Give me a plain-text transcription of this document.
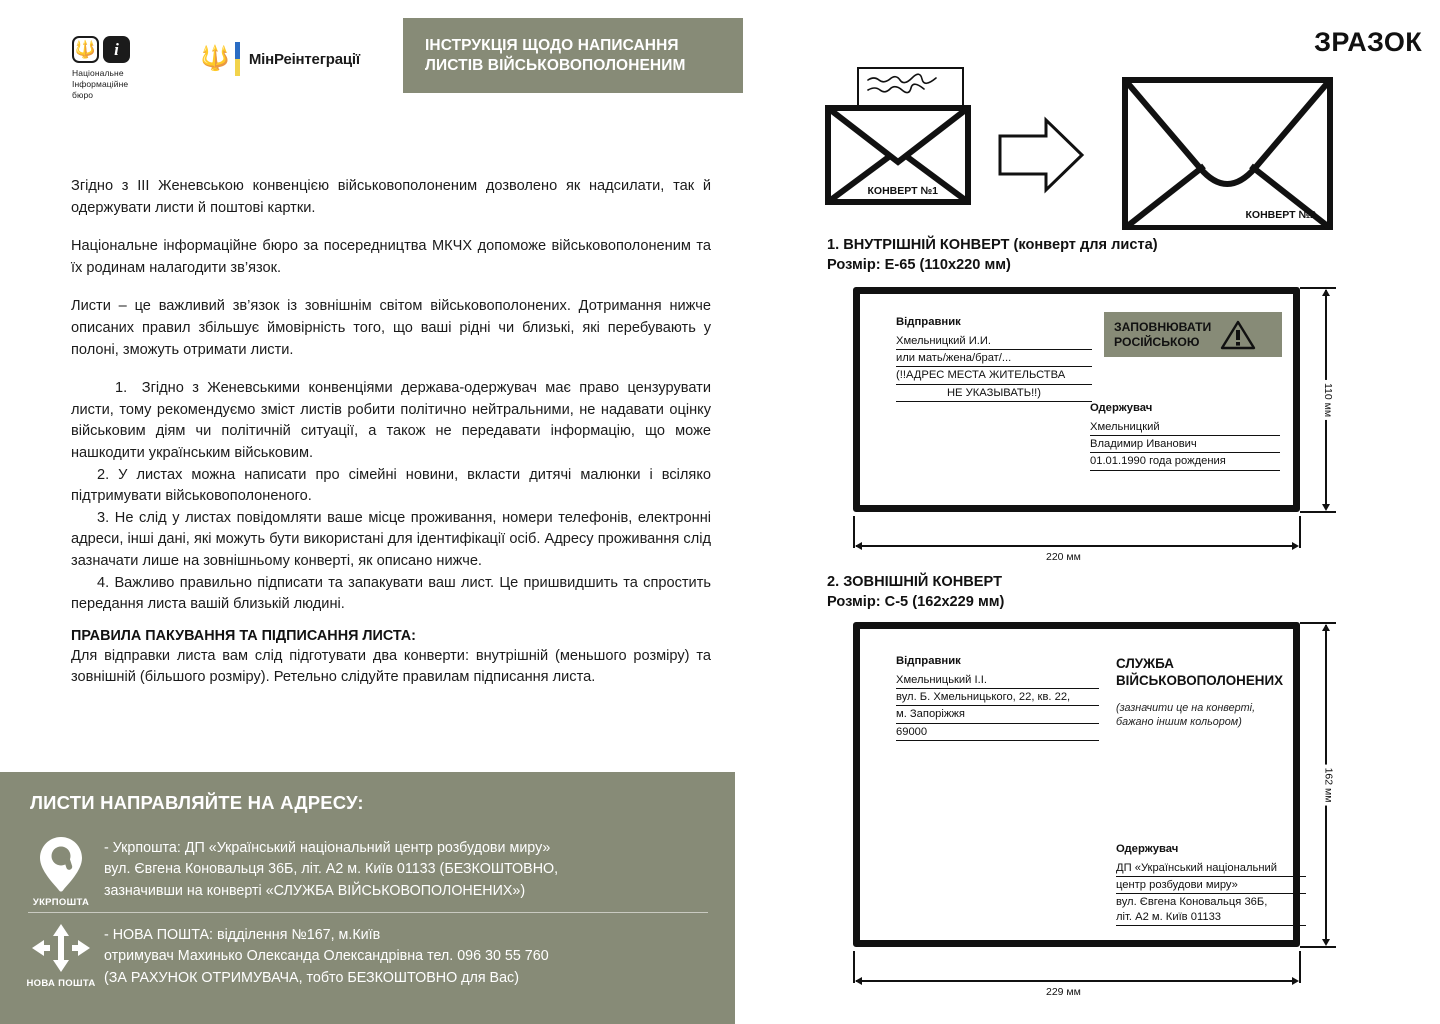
🔱 i
Національне
Інформаційне
бюро
🔱 МінРеінтеграції
ІНСТРУКЦІЯ ЩОДО НАПИСАННЯ
ЛИСТІВ ВІЙСЬКОВОПОЛОНЕНИМ
ЗРАЗОК

Згідно з ІІІ Женевською конвенцією військовополоненим дозволено як надсилати, так й одержувати листи й поштові картки.

Національне інформаційне бюро за посередництва МКЧХ допоможе військовополоненим та їх родинам налагодити зв’язок.

Листи – це важливий зв’язок із зовнішнім світом військовополонених. Дотримання нижче описаних правил збільшує ймовірність того, що ваші рідні чи близькі, які перебувають у полоні, зможуть отримати листи.

1. Згідно з Женевськими конвенціями держава-одержувач має право цензурувати листи, тому рекомендуємо зміст листів робити політично нейтральними, не надавати оцінку військовим діям чи політичній ситуації, а також не передавати інформацію, що може нашкодити українським військовим.

2. У листах можна написати про сімейні новини, вкласти дитячі малюнки і всіляко підтримувати військовополоненого.

3. Не слід у листах повідомляти ваше місце проживання, номери телефонів, електронні адреси, інші дані, які можуть бути використані для ідентифікації осіб. Адресу проживання слід зазначати лише на зовнішньому конверті, як описано нижче.

4. Важливо правильно підписати та запакувати ваш лист. Це пришвидшить та спростить передання листа вашій близькій людині.

ПРАВИЛА ПАКУВАННЯ ТА ПІДПИСАННЯ ЛИСТА:

Для відправки листа вам слід підготувати два конверти: внутрішній (меньшого розміру) та зовнішній (більшого розміру). Ретельно слідуйте правилам підписання листа.

ЛИСТИ НАПРАВЛЯЙТЕ НА АДРЕСУ:
УКРПОШТА
- Укрпошта: ДП «Український національний центр розбудови миру»
вул. Євгена Коновальця 36Б, літ. А2 м. Київ 01133 (БЕЗКОШТОВНО,
зазначивши на конверті «СЛУЖБА ВІЙСЬКОВОПОЛОНЕНИХ»)
НОВА ПОШТА
- НОВА ПОШТА: відділення №167, м.Київ
отримувач Махинько Олександа Олександрівна тел. 096 30 55 760
(ЗА РАХУНОК ОТРИМУВАЧА, тобто БЕЗКОШТОВНО для Вас)
КОНВЕРТ №1
КОНВЕРТ №2
1. ВНУТРІШНІЙ КОНВЕРТ (конверт для листа)
Розмір: Е-65 (110х220 мм)
Відправник
Хмельницкий И.И.
или мать/жена/брат/...
(!!АДРЕС МЕСТА ЖИТЕЛЬСТВА
НЕ УКАЗЫВАТЬ!!)
ЗАПОВНЮВАТИ
РОСІЙСЬКОЮ
Одержувач
Хмельницкий
Владимир Иванович
01.01.1990 года рождения
110 мм
220 мм
2. ЗОВНІШНІЙ КОНВЕРТ
Розмір: С-5 (162х229 мм)
Відправник
Хмельницький І.І.
вул. Б. Хмельницького, 22, кв. 22,
м. Запоріжжя
69000
СЛУЖБА
ВІЙСЬКОВОПОЛОНЕНИХ
(зазначити це на конверті,
бажано іншим кольором)
Одержувач
ДП «Український національний
центр розбудови миру»
вул. Євгена Коновальця 36Б,
літ. А2 м. Київ 01133
162 мм
229 мм
